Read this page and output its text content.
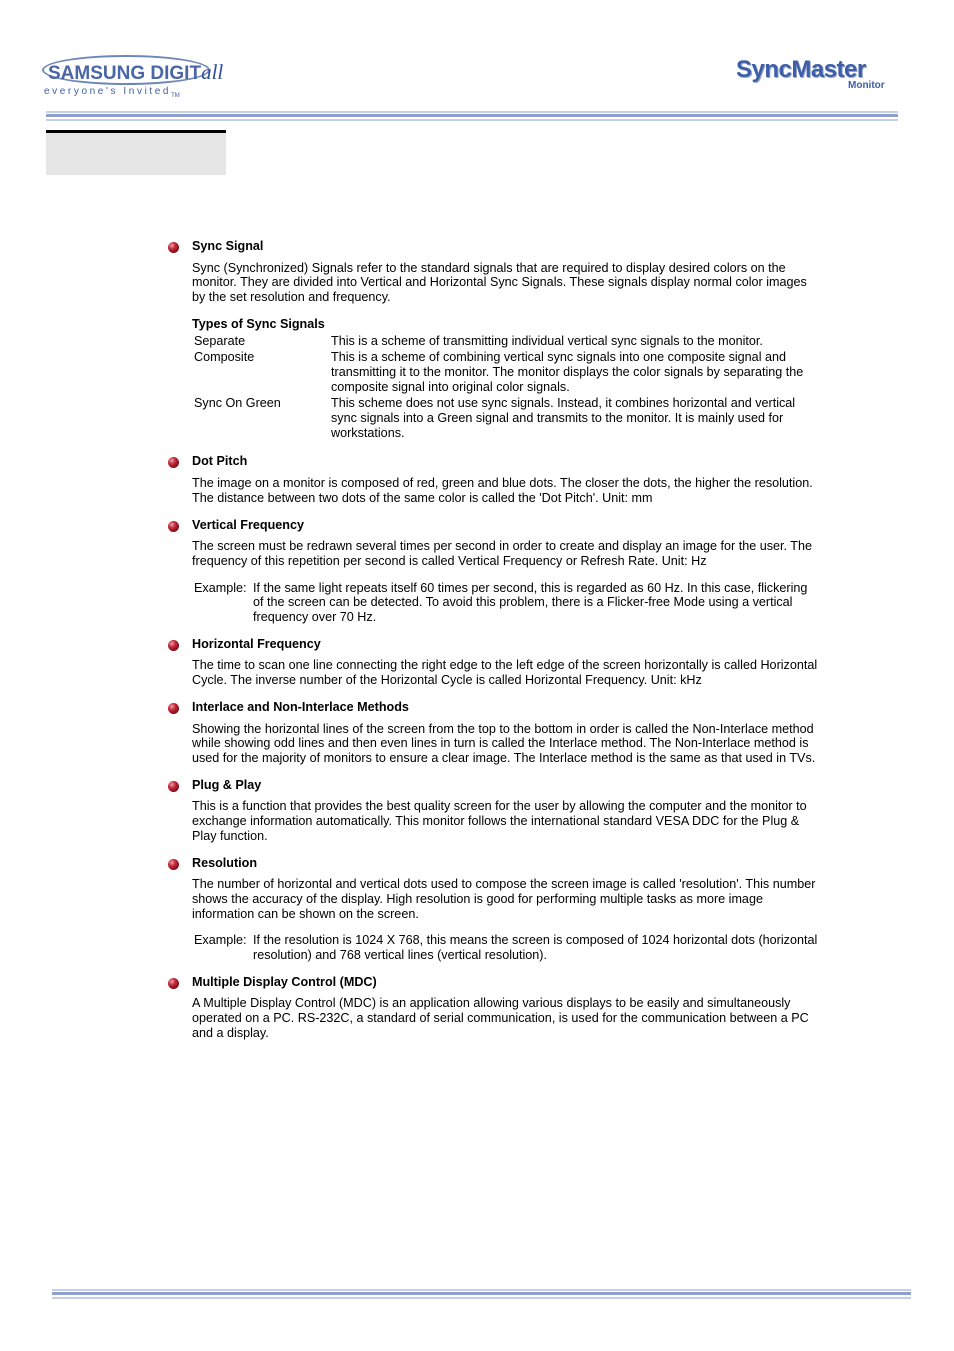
SAMSUNG DIGITall
everyone's Invited$_{TM}$
SyncMaster
Monitor

Sync Signal

Sync (Synchronized) Signals refer to the standard signals that are required to display desired colors on the monitor. They are divided into Vertical and Horizontal Sync Signals. These signals display normal color images by the set resolution and frequency.

Types of Sync Signals

Separate	This is a scheme of transmitting individual vertical sync signals to the monitor.
Composite	This is a scheme of combining vertical sync signals into one composite signal and transmitting it to the monitor. The monitor displays the color signals by separating the composite signal into original color signals.
Sync On Green	This scheme does not use sync signals. Instead, it combines horizontal and vertical sync signals into a Green signal and transmits to the monitor. It is mainly used for workstations.

Dot Pitch

The image on a monitor is composed of red, green and blue dots. The closer the dots, the higher the resolution. The distance between two dots of the same color is called the 'Dot Pitch'. Unit: mm

Vertical Frequency

The screen must be redrawn several times per second in order to create and display an image for the user. The frequency of this repetition per second is called Vertical Frequency or Refresh Rate. Unit: Hz

Example: If the same light repeats itself 60 times per second, this is regarded as 60 Hz. In this case, flickering of the screen can be detected. To avoid this problem, there is a Flicker-free Mode using a vertical frequency over 70 Hz.

Horizontal Frequency

The time to scan one line connecting the right edge to the left edge of the screen horizontally is called Horizontal Cycle. The inverse number of the Horizontal Cycle is called Horizontal Frequency. Unit: kHz

Interlace and Non-Interlace Methods

Showing the horizontal lines of the screen from the top to the bottom in order is called the Non-Interlace method while showing odd lines and then even lines in turn is called the Interlace method. The Non-Interlace method is used for the majority of monitors to ensure a clear image. The Interlace method is the same as that used in TVs.

Plug & Play

This is a function that provides the best quality screen for the user by allowing the computer and the monitor to exchange information automatically. This monitor follows the international standard VESA DDC for the Plug & Play function.

Resolution

The number of horizontal and vertical dots used to compose the screen image is called 'resolution'. This number shows the accuracy of the display. High resolution is good for performing multiple tasks as more image information can be shown on the screen.

Example: If the resolution is 1024 X 768, this means the screen is composed of 1024 horizontal dots (horizontal resolution) and 768 vertical lines (vertical resolution).

Multiple Display Control (MDC)

A Multiple Display Control (MDC) is an application allowing various displays to be easily and simultaneously operated on a PC. RS-232C, a standard of serial communication, is used for the communication between a PC and a display.
